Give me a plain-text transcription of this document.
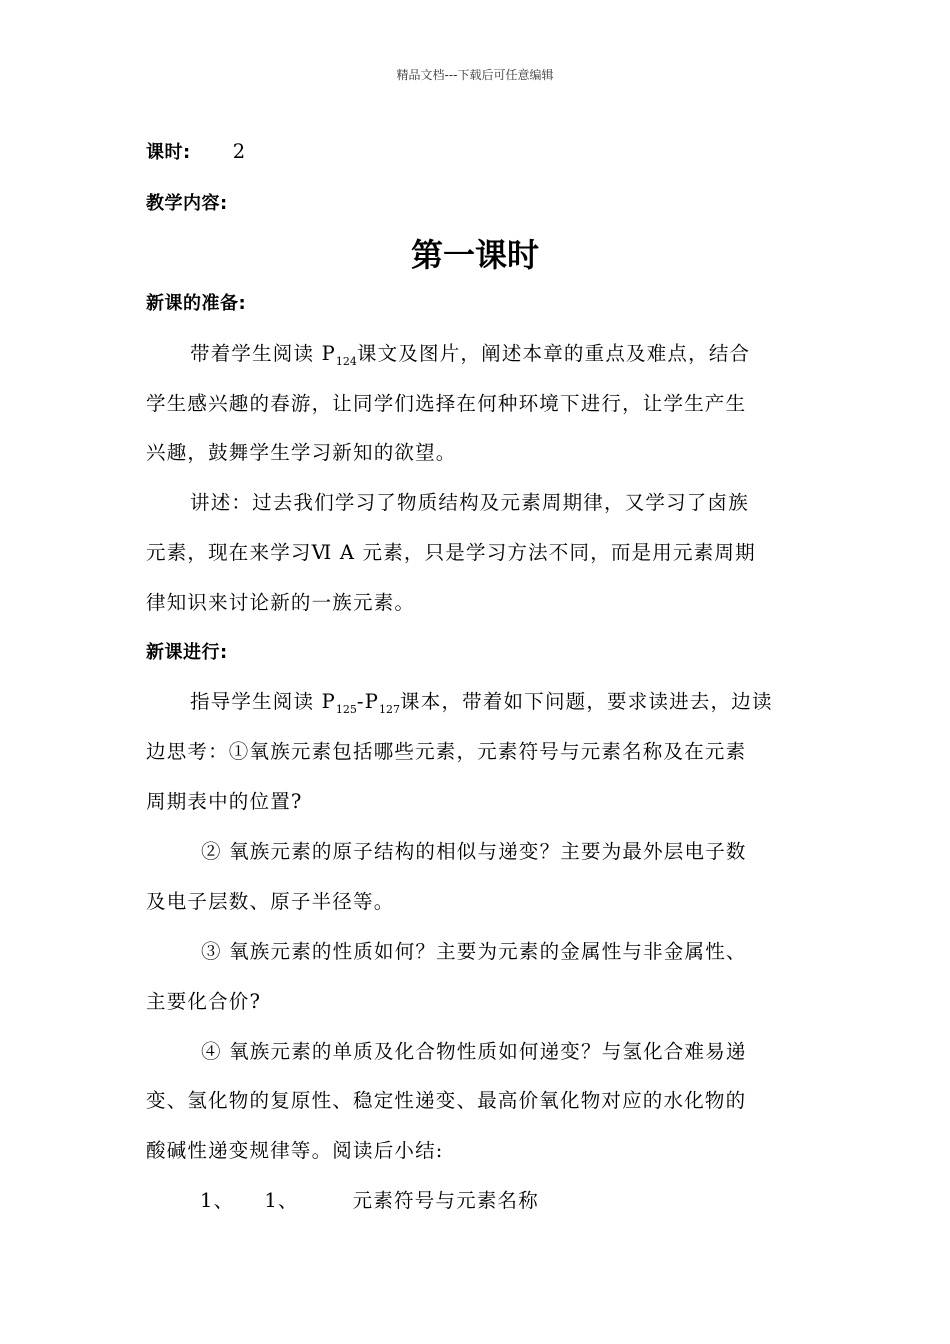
精品文档---下载后可任意编辑
课时: 2
教学内容:
第一课时
新课的准备:
带着学生阅读 $P_{124}$课文及图片，阐述本章的重点及难点，结合
学生感兴趣的春游，让同学们选择在何种环境下进行，让学生产生
兴趣，鼓舞学生学习新知的欲望。
讲述：过去我们学习了物质结构及元素周期律，又学习了卤族
元素，现在来学习Ⅵ A 元素，只是学习方法不同，而是用元素周期
律知识来讨论新的一族元素。
新课进行:
指导学生阅读 $P_{125}-P_{127}$课本，带着如下问题，要求读进去，边读
边思考：①氧族元素包括哪些元素，元素符号与元素名称及在元素
周期表中的位置?
② 氧族元素的原子结构的相似与递变？主要为最外层电子数
及电子层数、原子半径等。
③ 氧族元素的性质如何？主要为元素的金属性与非金属性、
主要化合价?
④ 氧族元素的单质及化合物性质如何递变？与氢化合难易递
变、氢化物的复原性、稳定性递变、最高价氧化物对应的水化物的
酸碱性递变规律等。阅读后小结:
1、 1、	元素符号与元素名称
